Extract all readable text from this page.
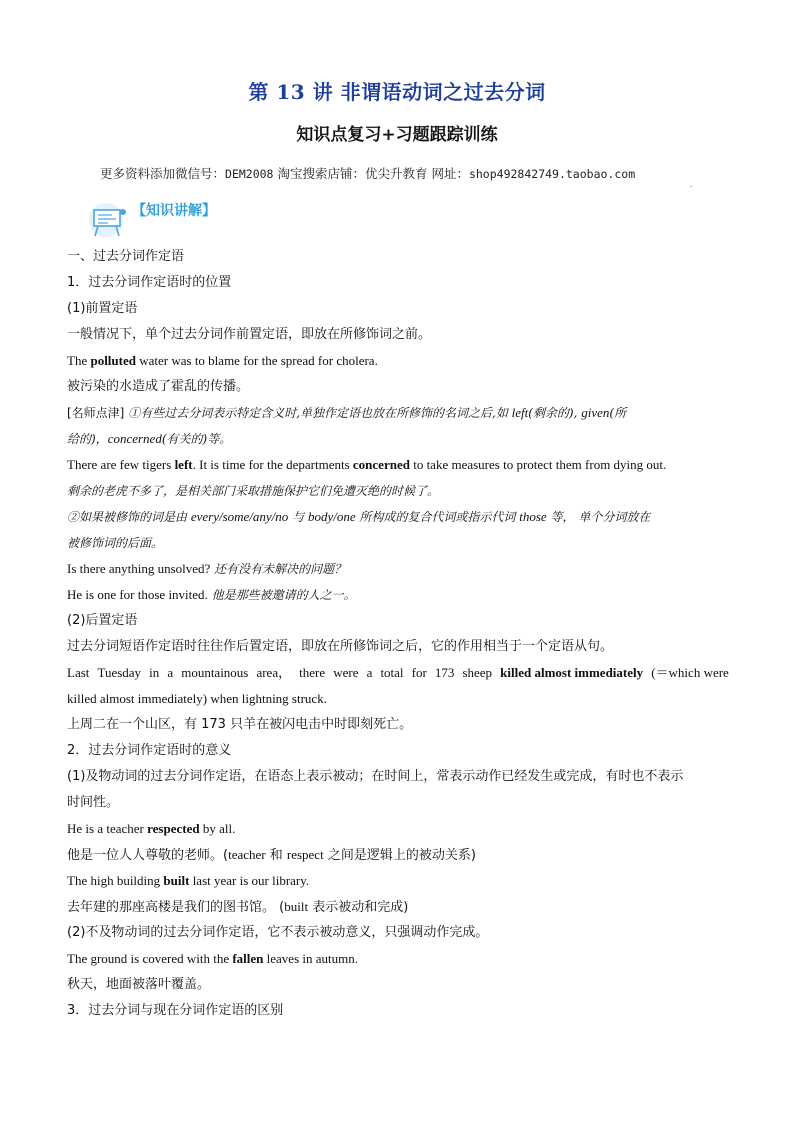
第 13 讲 非谓语动词之过去分词
知识点复习+习题跟踪训练
更多资料添加微信号：DEM2008 淘宝搜索店铺：优尖升教育 网址：shop492842749.taobao.com
.
【知识讲解】
一、过去分词作定语
1．过去分词作定语时的位置
(1)前置定语
一般情况下，单个过去分词作前置定语，即放在所修饰词之前。
The polluted water was to blame for the spread for cholera.
被污染的水造成了霍乱的传播。
[名师点津] ①有些过去分词表示特定含义时,单独作定语也放在所修饰的名词之后,如 left(剩余的), given(所
给的)，concerned(有关的)等。
There are few tigers left. It is time for the departments concerned to take measures to protect them from dying out.
剩余的老虎不多了，是相关部门采取措施保护它们免遭灭绝的时候了。
②如果被修饰的词是由 every/some/any/no 与 body/one 所构成的复合代词或指示代词 those 等， 单个分词放在
被修饰词的后面。
Is there anything unsolved? 还有没有未解决的问题？
He is one for those invited. 他是那些被邀请的人之一。
(2)后置定语
过去分词短语作定语时往往作后置定语，即放在所修饰词之后，它的作用相当于一个定语从句。
Last Tuesday in a mountainous area， there were a total for 173 sheep killed almost immediately (＝which were
killed almost immediately) when lightning struck.
上周二在一个山区，有 173 只羊在被闪电击中时即刻死亡。
2．过去分词作定语时的意义
(1)及物动词的过去分词作定语，在语态上表示被动；在时间上，常表示动作已经发生或完成，有时也不表示
时间性。
He is a teacher respected by all.
他是一位人人尊敬的老师。(teacher 和 respect 之间是逻辑上的被动关系)
The high building built last year is our library.
去年建的那座高楼是我们的图书馆。 (built 表示被动和完成)
(2)不及物动词的过去分词作定语，它不表示被动意义，只强调动作完成。
The ground is covered with the fallen leaves in autumn.
秋天，地面被落叶覆盖。
3．过去分词与现在分词作定语的区别
